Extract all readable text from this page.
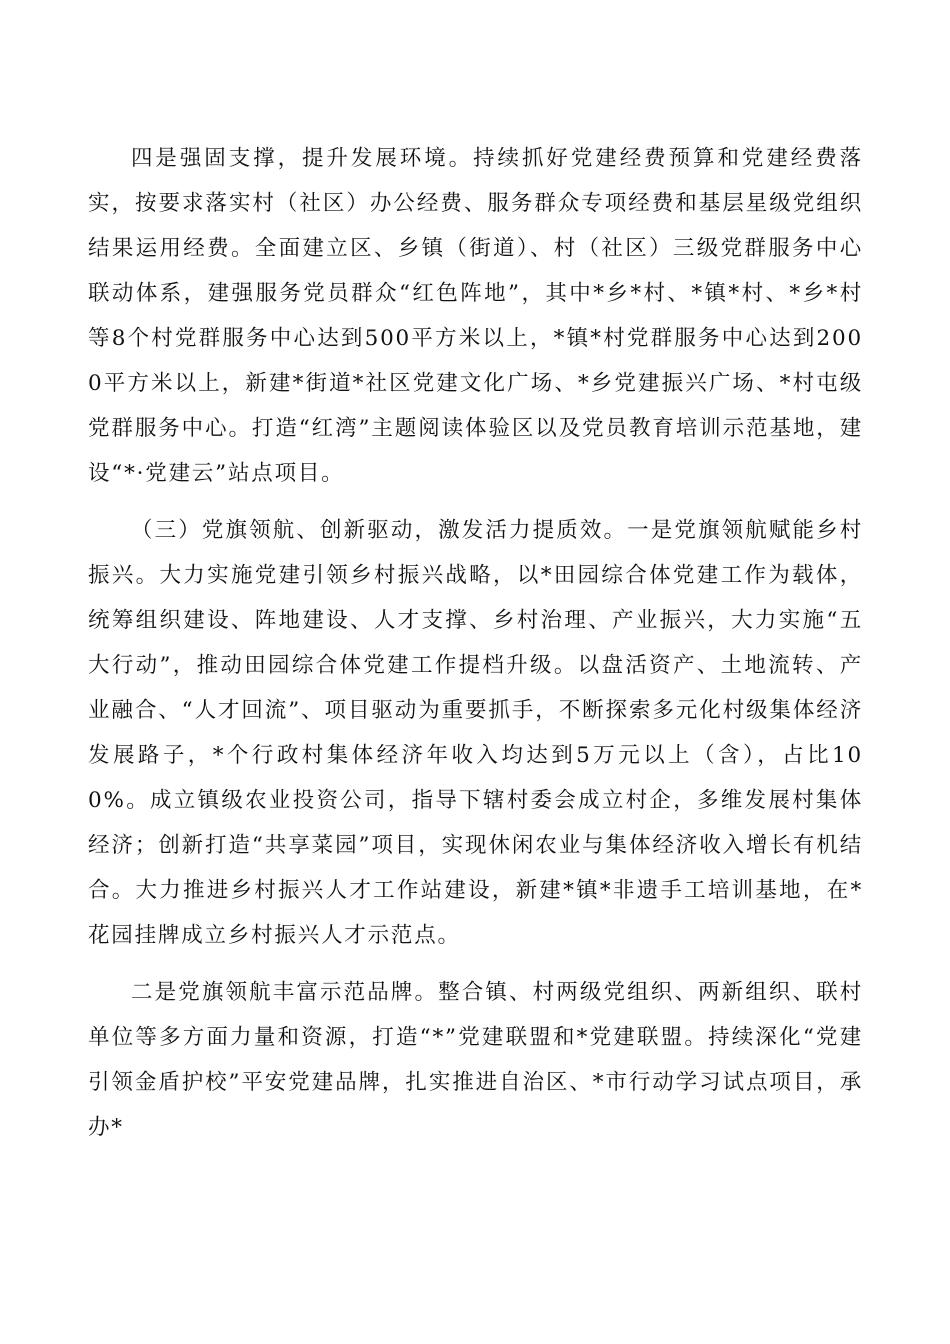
四是强固支撑，提升发展环境。持续抓好党建经费预算和党建经费落实，按要求落实村（社区）办公经费、服务群众专项经费和基层星级党组织结果运用经费。全面建立区、乡镇（街道）、村（社区）三级党群服务中心联动体系，建强服务党员群众“红色阵地”，其中*乡*村、*镇*村、*乡*村等8个村党群服务中心达到500平方米以上，*镇*村党群服务中心达到2000平方米以上，新建*街道*社区党建文化广场、*乡党建振兴广场、*村屯级党群服务中心。打造“红湾”主题阅读体验区以及党员教育培训示范基地，建设“*·党建云”站点项目。

（三）党旗领航、创新驱动，激发活力提质效。一是党旗领航赋能乡村振兴。大力实施党建引领乡村振兴战略，以*田园综合体党建工作为载体，统筹组织建设、阵地建设、人才支撑、乡村治理、产业振兴，大力实施“五大行动”，推动田园综合体党建工作提档升级。以盘活资产、土地流转、产业融合、“人才回流”、项目驱动为重要抓手，不断探索多元化村级集体经济发展路子，*个行政村集体经济年收入均达到5万元以上（含），占比100%。成立镇级农业投资公司，指导下辖村委会成立村企，多维发展村集体经济；创新打造“共享菜园”项目，实现休闲农业与集体经济收入增长有机结合。大力推进乡村振兴人才工作站建设，新建*镇*非遗手工培训基地，在*花园挂牌成立乡村振兴人才示范点。

二是党旗领航丰富示范品牌。整合镇、村两级党组织、两新组织、联村单位等多方面力量和资源，打造“*”党建联盟和*党建联盟。持续深化“党建引领金盾护校”平安党建品牌，扎实推进自治区、*市行动学习试点项目，承办*
